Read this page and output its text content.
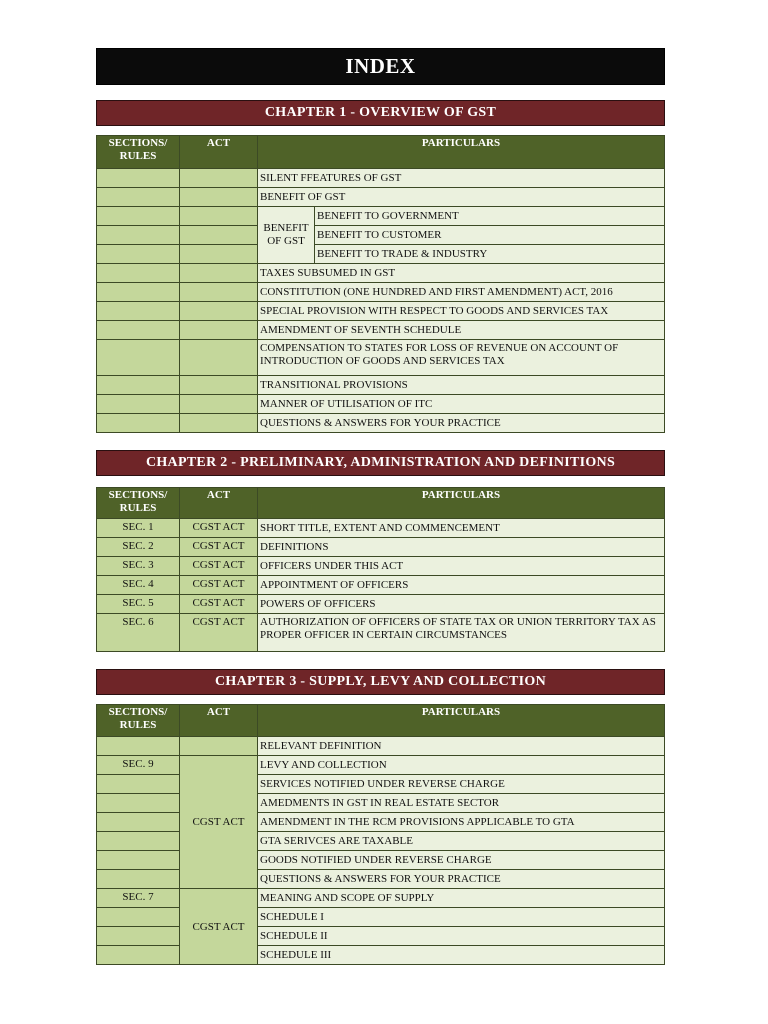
INDEX
CHAPTER 1 - OVERVIEW OF GST
SECTIONS/ RULES	ACT	PARTICULARS	
		SILENT FFEATURES OF GST	
		BENEFIT OF GST	
		BENEFIT OF GST	BENEFIT TO GOVERNMENT
			BENEFIT TO CUSTOMER
			BENEFIT TO TRADE & INDUSTRY
		TAXES SUBSUMED IN GST	
		CONSTITUTION (ONE HUNDRED AND FIRST AMENDMENT) ACT, 2016	
		SPECIAL PROVISION WITH RESPECT TO GOODS AND SERVICES TAX	
		AMENDMENT OF SEVENTH SCHEDULE	
		COMPENSATION TO STATES FOR LOSS OF REVENUE ON ACCOUNT OF INTRODUCTION OF GOODS AND SERVICES TAX	
		TRANSITIONAL PROVISIONS	
		MANNER OF UTILISATION OF ITC	
		QUESTIONS & ANSWERS FOR YOUR PRACTICE	
CHAPTER 2 - PRELIMINARY, ADMINISTRATION AND DEFINITIONS
SECTIONS/ RULES	ACT	PARTICULARS
SEC. 1	CGST ACT	SHORT TITLE, EXTENT AND COMMENCEMENT
SEC. 2	CGST ACT	DEFINITIONS
SEC. 3	CGST ACT	OFFICERS UNDER THIS ACT
SEC. 4	CGST ACT	APPOINTMENT OF OFFICERS
SEC. 5	CGST ACT	POWERS OF OFFICERS
SEC. 6	CGST ACT	AUTHORIZATION OF OFFICERS OF STATE TAX OR UNION TERRITORY TAX AS PROPER OFFICER IN CERTAIN CIRCUMSTANCES
CHAPTER 3 - SUPPLY, LEVY AND COLLECTION
SECTIONS/ RULES	ACT	PARTICULARS
		RELEVANT DEFINITION
SEC. 9	CGST ACT	LEVY AND COLLECTION
		SERVICES NOTIFIED UNDER REVERSE CHARGE
		AMEDMENTS IN GST IN REAL ESTATE SECTOR
		AMENDMENT IN THE RCM PROVISIONS APPLICABLE TO GTA
		GTA SERIVCES ARE TAXABLE
		GOODS NOTIFIED UNDER REVERSE CHARGE
		QUESTIONS & ANSWERS FOR YOUR PRACTICE
SEC. 7	CGST ACT	MEANING AND SCOPE OF SUPPLY
		SCHEDULE I
		SCHEDULE II
		SCHEDULE III
